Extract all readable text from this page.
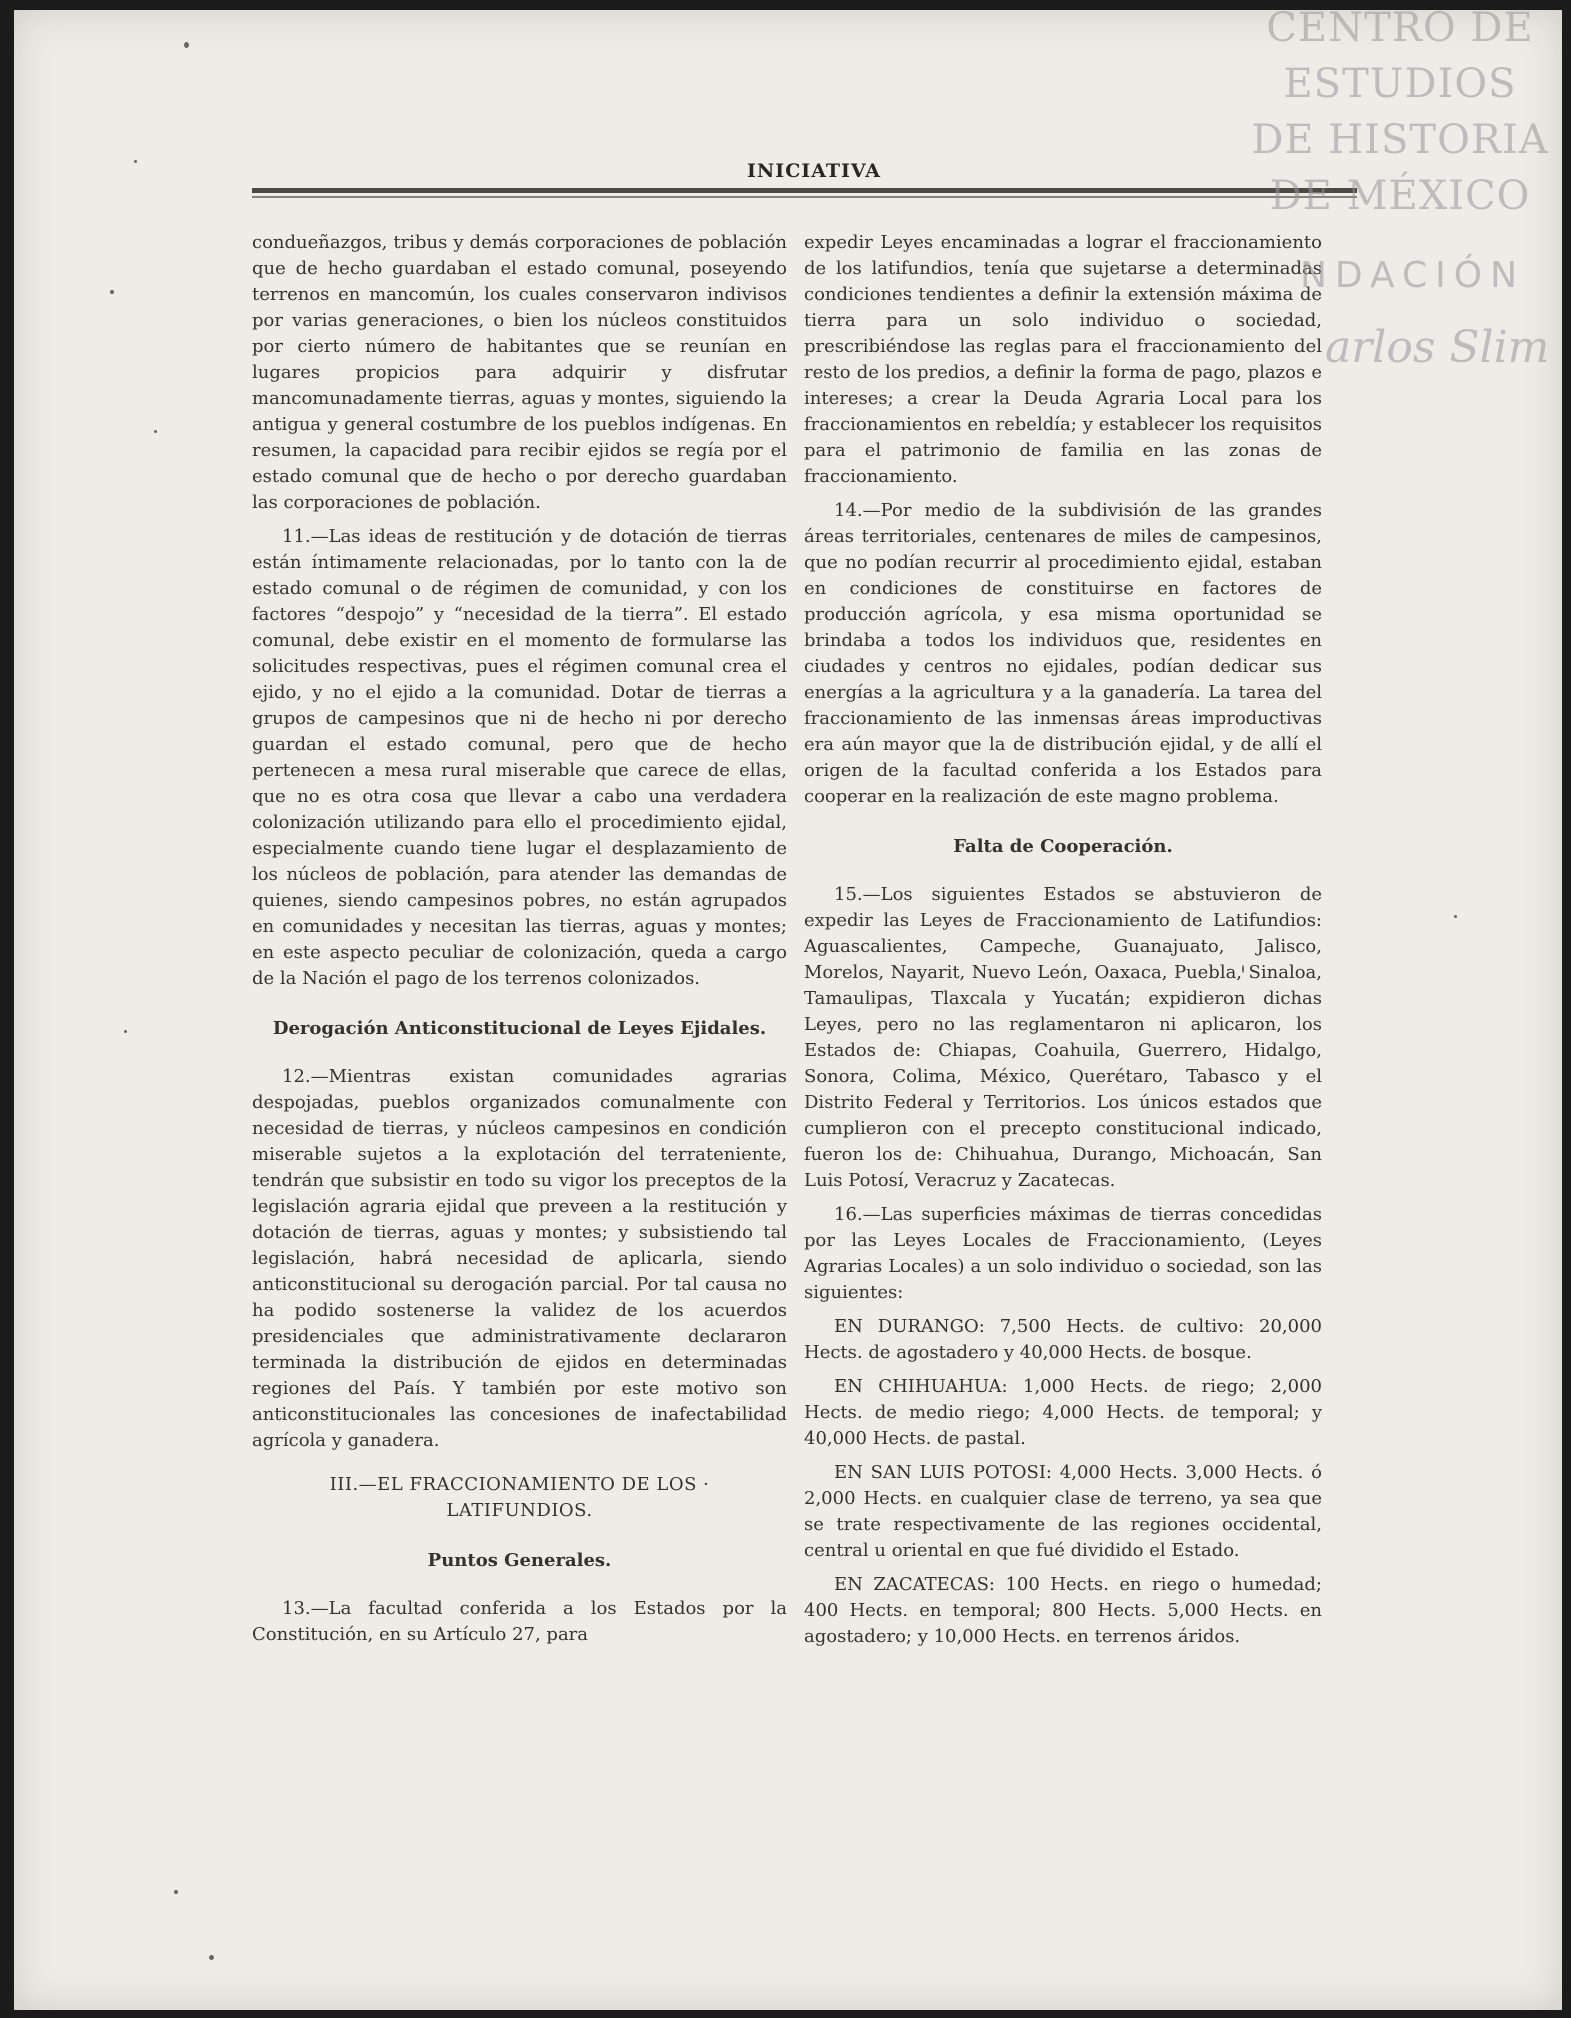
INICIATIVA

condueñazgos, tribus y demás corporaciones de población que de hecho guardaban el estado comunal, poseyendo terrenos en mancomún, los cuales conservaron indivisos por varias generaciones, o bien los núcleos constituidos por cierto número de habitantes que se reunían en lugares propicios para adquirir y disfrutar mancomunadamente tierras, aguas y montes, siguiendo la antigua y general costumbre de los pueblos indígenas. En resumen, la capacidad para recibir ejidos se regía por el estado comunal que de hecho o por derecho guardaban las corporaciones de población.

11.—Las ideas de restitución y de dotación de tierras están íntimamente relacionadas, por lo tanto con la de estado comunal o de régimen de comunidad, y con los factores “despojo” y “necesidad de la tierra”. El estado comunal, debe existir en el momento de formularse las solicitudes respectivas, pues el régimen comunal crea el ejido, y no el ejido a la comunidad. Dotar de tierras a grupos de campesinos que ni de hecho ni por derecho guardan el estado comunal, pero que de hecho pertenecen a mesa rural miserable que carece de ellas, que no es otra cosa que llevar a cabo una verdadera colonización utilizando para ello el procedimiento ejidal, especialmente cuando tiene lugar el desplazamiento de los núcleos de población, para atender las demandas de quienes, siendo campesinos pobres, no están agrupados en comunidades y necesitan las tierras, aguas y montes; en este aspecto peculiar de colonización, queda a cargo de la Nación el pago de los terrenos colonizados.

Derogación Anticonstitucional de Leyes Ejidales.

12.—Mientras existan comunidades agrarias despojadas, pueblos organizados comunalmente con necesidad de tierras, y núcleos campesinos en condición miserable sujetos a la explotación del terrateniente, tendrán que subsistir en todo su vigor los preceptos de la legislación agraria ejidal que preveen a la restitución y dotación de tierras, aguas y montes; y subsistiendo tal legislación, habrá necesidad de aplicarla, siendo anticonstitucional su derogación parcial. Por tal causa no ha podido sostenerse la validez de los acuerdos presidenciales que administrativamente declararon terminada la distribución de ejidos en determinadas regiones del País. Y también por este motivo son anticonstitucionales las concesiones de inafectabilidad agrícola y ganadera.

III.—EL FRACCIONAMIENTO DE LOS · LATIFUNDIOS.

Puntos Generales.

13.—La facultad conferida a los Estados por la Constitución, en su Artículo 27, para

expedir Leyes encaminadas a lograr el fraccionamiento de los latifundios, tenía que sujetarse a determinadas condiciones tendientes a definir la extensión máxima de tierra para un solo individuo o sociedad, prescribiéndose las reglas para el fraccionamiento del resto de los predios, a definir la forma de pago, plazos e intereses; a crear la Deuda Agraria Local para los fraccionamientos en rebeldía; y establecer los requisitos para el patrimonio de familia en las zonas de fraccionamiento.

14.—Por medio de la subdivisión de las grandes áreas territoriales, centenares de miles de campesinos, que no podían recurrir al procedimiento ejidal, estaban en condiciones de constituirse en factores de producción agrícola, y esa misma oportunidad se brindaba a todos los individuos que, residentes en ciudades y centros no ejidales, podían dedicar sus energías a la agricultura y a la ganadería. La tarea del fraccionamiento de las inmensas áreas improductivas era aún mayor que la de distribución ejidal, y de allí el origen de la facultad conferida a los Estados para cooperar en la realización de este magno problema.

Falta de Cooperación.

15.—Los siguientes Estados se abstuvieron de expedir las Leyes de Fraccionamiento de Latifundios: Aguascalientes, Campeche, Guanajuato, Jalisco, Morelos, Nayarit, Nuevo León, Oaxaca, Puebla, Sinaloa, Tamaulipas, Tlaxcala y Yucatán; expidieron dichas Leyes, pero no las reglamentaron ni aplicaron, los Estados de: Chiapas, Coahuila, Guerrero, Hidalgo, Sonora, Colima, México, Querétaro, Tabasco y el Distrito Federal y Territorios. Los únicos estados que cumplieron con el precepto constitucional indicado, fueron los de: Chihuahua, Durango, Michoacán, San Luis Potosí, Veracruz y Zacatecas.

16.—Las superficies máximas de tierras concedidas por las Leyes Locales de Fraccionamiento, (Leyes Agrarias Locales) a un solo individuo o sociedad, son las siguientes:

EN DURANGO: 7,500 Hects. de cultivo: 20,000 Hects. de agostadero y 40,000 Hects. de bosque.

EN CHIHUAHUA: 1,000 Hects. de riego; 2,000 Hects. de medio riego; 4,000 Hects. de temporal; y 40,000 Hects. de pastal.

EN SAN LUIS POTOSI: 4,000 Hects. 3,000 Hects. ó 2,000 Hects. en cualquier clase de terreno, ya sea que se trate respectivamente de las regiones occidental, central u oriental en que fué dividido el Estado.

EN ZACATECAS: 100 Hects. en riego o humedad; 400 Hects. en temporal; 800 Hects. 5,000 Hects. en agostadero; y 10,000 Hects. en terrenos áridos.

CENTRO DE
ESTUDIOS
DE HISTORIA
DE MÉXICO
NDACIÓN
arlos Slim
